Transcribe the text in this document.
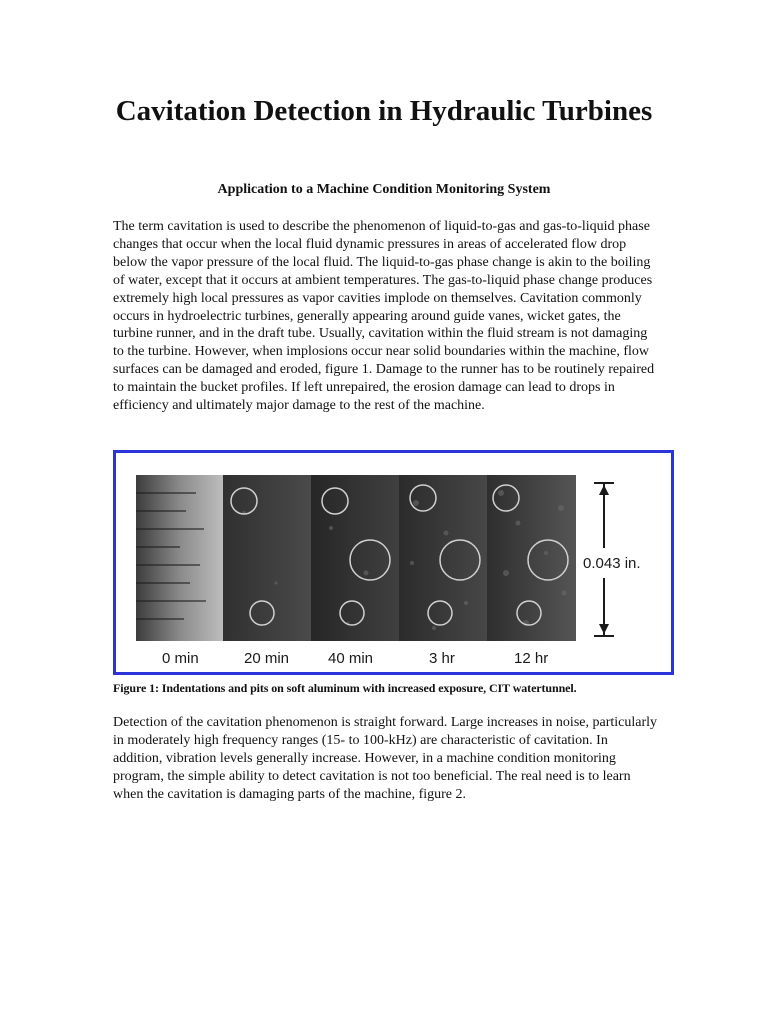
Cavitation Detection in Hydraulic Turbines

Application to a Machine Condition Monitoring System

The term cavitation is used to describe the phenomenon of liquid-to-gas and gas-to-liquid phase changes that occur when the local fluid dynamic pressures in areas of accelerated flow drop below the vapor pressure of the local fluid. The liquid-to-gas phase change is akin to the boiling of water, except that it occurs at ambient temperatures. The gas-to-liquid phase change produces extremely high local pressures as vapor cavities implode on themselves. Cavitation commonly occurs in hydroelectric turbines, generally appearing around guide vanes, wicket gates, the turbine runner, and in the draft tube. Usually, cavitation within the fluid stream is not damaging to the turbine. However, when implosions occur near solid boundaries within the machine, flow surfaces can be damaged and eroded, figure 1. Damage to the runner has to be routinely repaired to maintain the bucket profiles. If left unrepaired, the erosion damage can lead to drops in efficiency and ultimately major damage to the rest of the machine.

0.043 in.
0 min	20 min	40 min	3 hr	12 hr

Figure 1: Indentations and pits on soft aluminum with increased exposure, CIT watertunnel.

Detection of the cavitation phenomenon is straight forward. Large increases in noise, particularly in moderately high frequency ranges (15- to 100-kHz) are characteristic of cavitation. In addition, vibration levels generally increase. However, in a machine condition monitoring program, the simple ability to detect cavitation is not too beneficial. The real need is to learn when the cavitation is damaging parts of the machine, figure 2.
